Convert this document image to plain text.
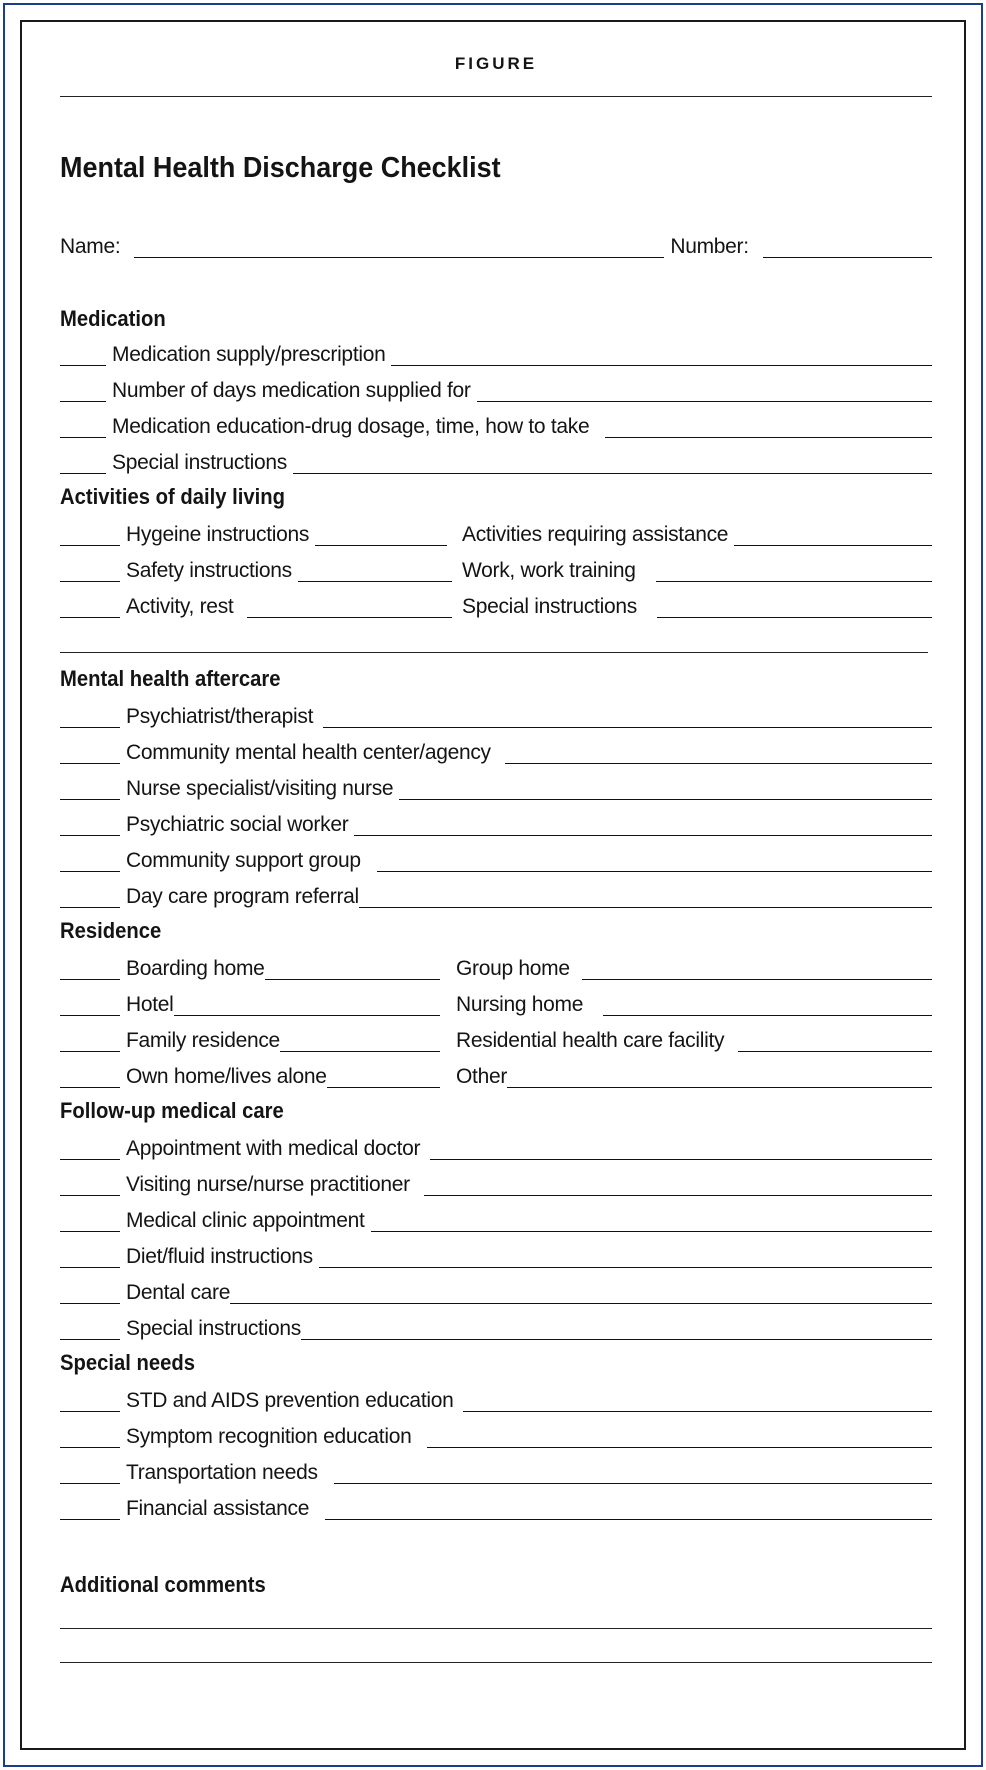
FIGURE
Mental Health Discharge Checklist
Name:	Number:
Medication
Medication supply/prescription
Number of days medication supplied for
Medication education-drug dosage, time, how to take
Special instructions
Activities of daily living
Hygeine instructions	Activities requiring assistance
Safety instructions	Work, work training
Activity, rest	Special instructions
Mental health aftercare
Psychiatrist/therapist
Community mental health center/agency
Nurse specialist/visiting nurse
Psychiatric social worker
Community support group
Day care program referral
Residence
Boarding home	Group home
Hotel	Nursing home
Family residence	Residential health care facility
Own home/lives alone	Other
Follow-up medical care
Appointment with medical doctor
Visiting nurse/nurse practitioner
Medical clinic appointment
Diet/fluid instructions
Dental care
Special instructions
Special needs
STD and AIDS prevention education
Symptom recognition education
Transportation needs
Financial assistance
Additional comments
